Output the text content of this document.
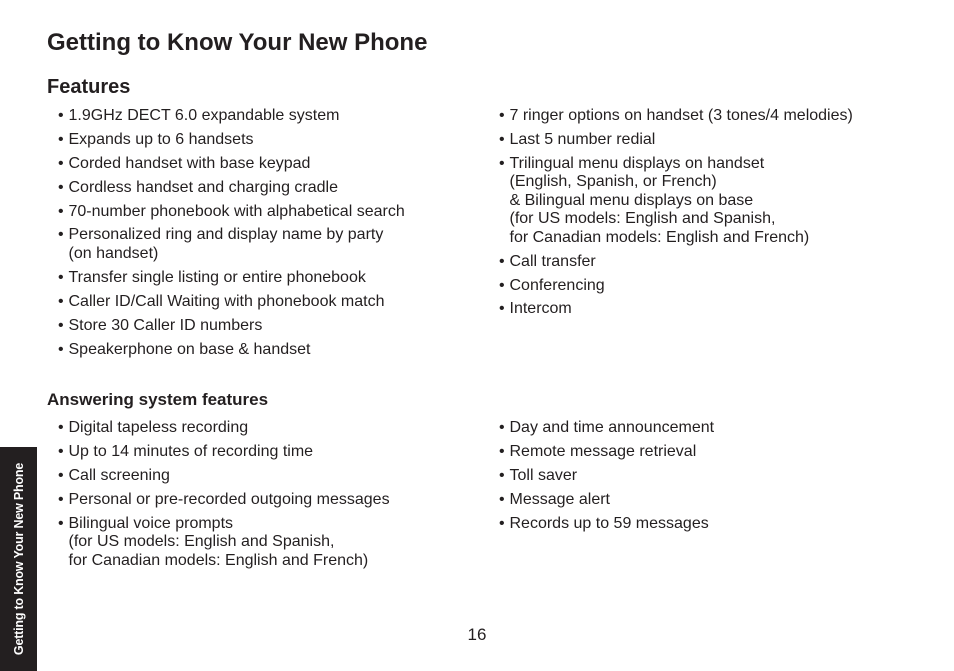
Getting to Know Your New Phone
Features
• 1.9GHz DECT 6.0 expandable system
• Expands up to 6 handsets
• Corded handset with base keypad
• Cordless handset and charging cradle
• 70-number phonebook with alphabetical search
• Personalized ring and display name by party
(on handset)
• Transfer single listing or entire phonebook
• Caller ID/Call Waiting with phonebook match
• Store 30 Caller ID numbers
• Speakerphone on base & handset
• 7 ringer options on handset (3 tones/4 melodies)
• Last 5 number redial
• Trilingual menu displays on handset
(English, Spanish, or French)
& Bilingual menu displays on base
(for US models: English and Spanish,
for Canadian models: English and French)
• Call transfer
• Conferencing
• Intercom
Answering system features
• Digital tapeless recording
• Up to 14 minutes of recording time
• Call screening
• Personal or pre-recorded outgoing messages
• Bilingual voice prompts
(for US models: English and Spanish,
for Canadian models: English and French)
• Day and time announcement
• Remote message retrieval
• Toll saver
• Message alert
• Records up to 59 messages
Getting to Know Your New Phone	16
